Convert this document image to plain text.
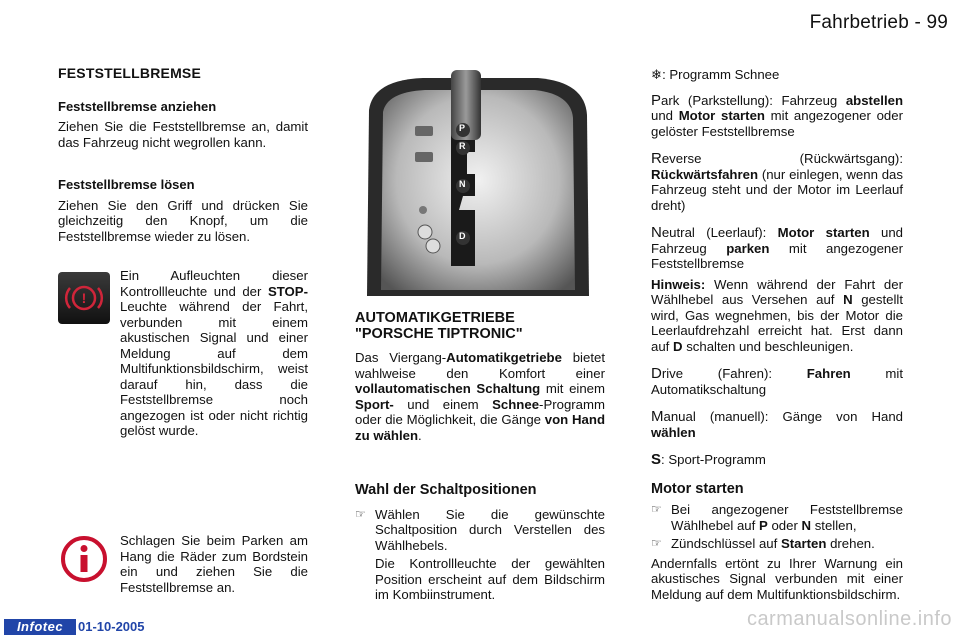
Fahrbetrieb - 99

FESTSTELLBREMSE

Feststellbremse anziehen

Ziehen Sie die Feststellbremse an, damit das Fahrzeug nicht wegrollen kann.

Feststellbremse lösen

Ziehen Sie den Griff und drücken Sie gleichzeitig den Knopf, um die Feststellbremse wieder zu lösen.

!

Ein Aufleuchten dieser Kontrollleuchte und der STOP-Leuchte während der Fahrt, verbunden mit einem akustischen Signal und einer Meldung auf dem Multifunktionsbildschirm, weist darauf hin, dass die Feststellbremse noch angezogen ist oder nicht richtig gelöst wurde.

Schlagen Sie beim Parken am Hang die Räder zum Bordstein ein und ziehen Sie die Feststellbremse an.
P
R
N
D

AUTOMATIKGETRIEBE

"PORSCHE TIPTRONIC"

Das Viergang-Automatikgetriebe bietet wahlweise den Komfort einer vollautomatischen Schaltung mit einem Sport- und einem Schnee-Programm oder die Möglichkeit, die Gänge von Hand zu wählen.

Wahl der Schaltpositionen

☞ Wählen Sie die gewünschte Schaltposition durch Verstellen des Wählhebels.

Die Kontrollleuchte der gewählten Position erscheint auf dem Bildschirm im Kombiinstrument.

❄: Programm Schnee

Park (Parkstellung): Fahrzeug abstellen und Motor starten mit angezogener oder gelöster Feststellbremse

Reverse (Rückwärtsgang): Rückwärtsfahren (nur einlegen, wenn das Fahrzeug steht und der Motor im Leerlauf dreht)

Neutral (Leerlauf): Motor starten und Fahrzeug parken mit angezogener Feststellbremse

Hinweis: Wenn während der Fahrt der Wählhebel aus Versehen auf N gestellt wird, Gas wegnehmen, bis der Motor die Leerlaufdrehzahl erreicht hat. Erst dann auf D schalten und beschleunigen.

Drive (Fahren): Fahren mit Automatikschaltung

Manual (manuell): Gänge von Hand wählen

S: Sport-Programm

Motor starten

☞ Bei angezogener Feststellbremse Wählhebel auf P oder N stellen,

☞ Zündschlüssel auf Starten drehen.

Andernfalls ertönt zu Ihrer Warnung ein akustisches Signal verbunden mit einer Meldung auf dem Multifunktionsbildschirm.

Infotec	01-10-2005	carmanualsonline.info
